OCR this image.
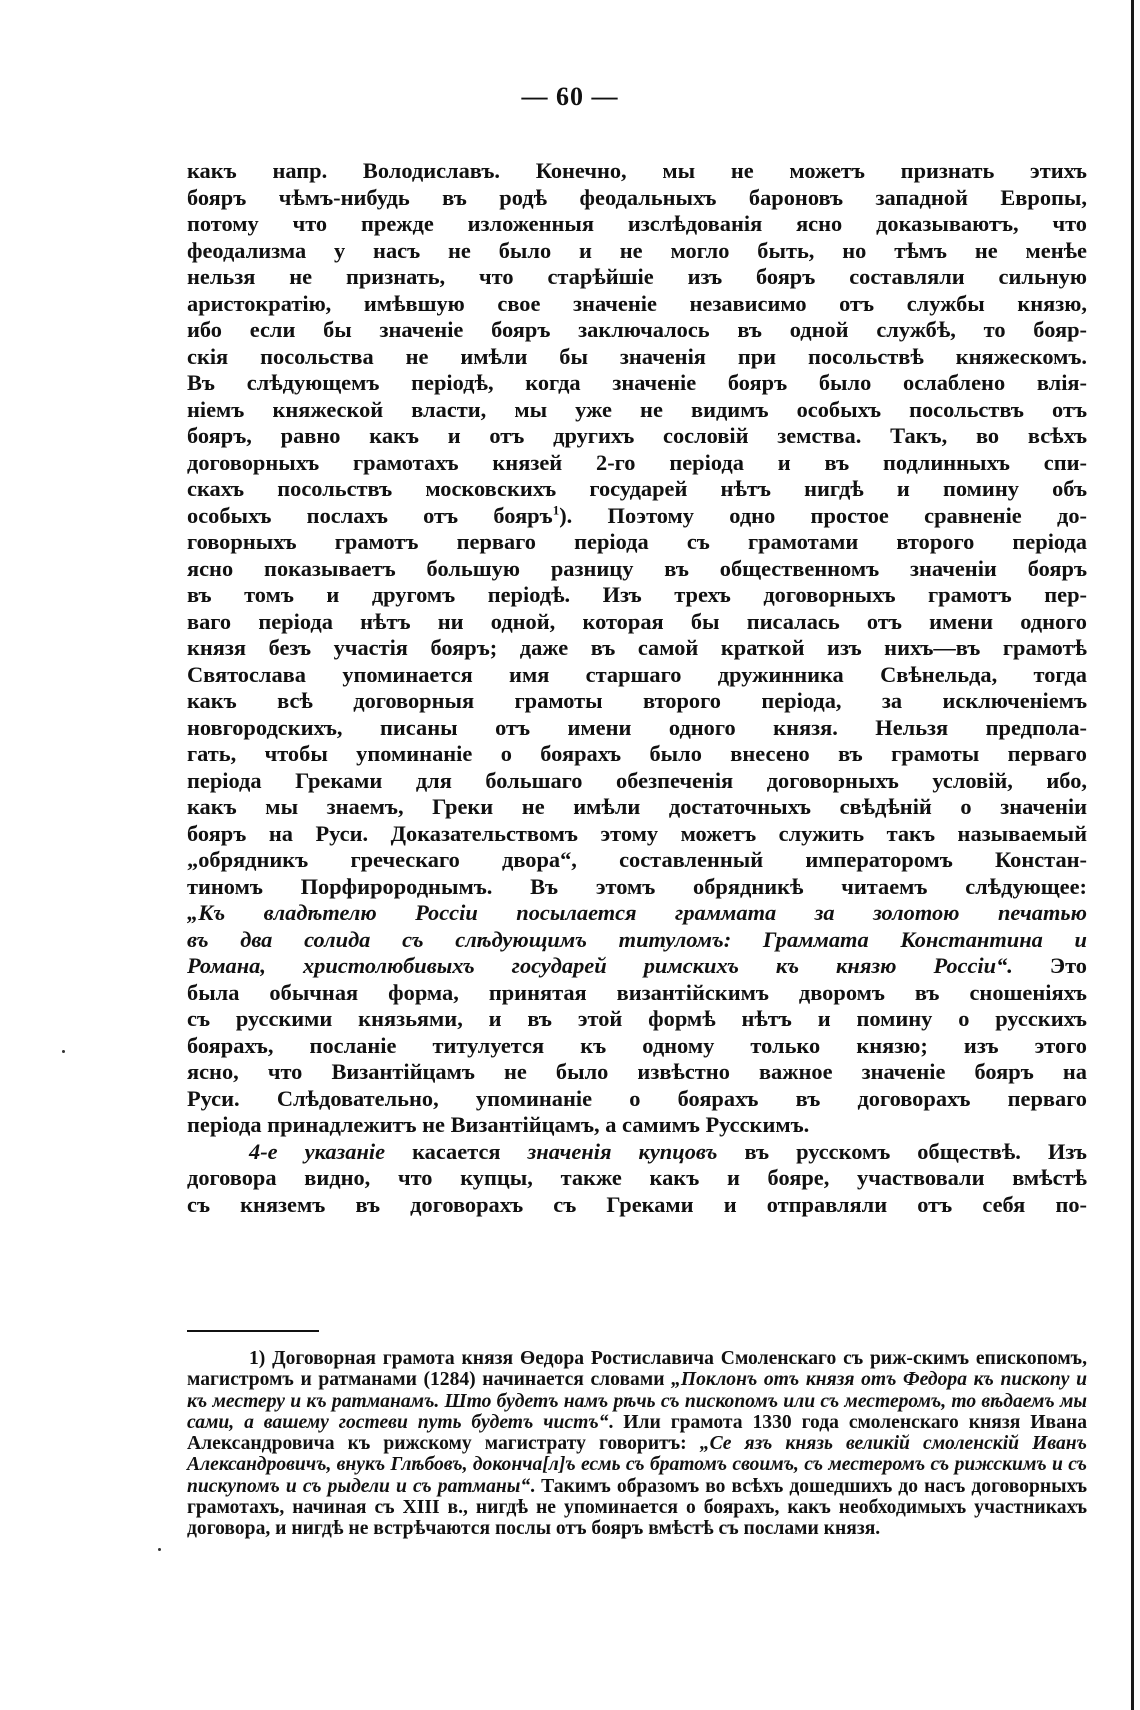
— 60 —

какъ напр. Володиславъ. Конечно, мы не можетъ признать этихъ
бояръ чѣмъ-нибудь въ родѣ феодальныхъ бароновъ западной Европы,
потому что прежде изложенныя изслѣдованія ясно доказываютъ, что
феодализма у насъ не было и не могло быть, но тѣмъ не менѣе
нельзя не признать, что старѣйшіе изъ бояръ составляли сильную
аристократію, имѣвшую свое значеніе независимо отъ службы князю,
ибо если бы значеніе бояръ заключалось въ одной службѣ, то бояр-
скія посольства не имѣли бы значенія при посольствѣ княжескомъ.
Въ слѣдующемъ періодѣ, когда значеніе бояръ было ослаблено влія-
ніемъ княжеской власти, мы уже не видимъ особыхъ посольствъ отъ
бояръ, равно какъ и отъ другихъ сословій земства. Такъ, во всѣхъ
договорныхъ грамотахъ князей 2-го періода и въ подлинныхъ спи-
скахъ посольствъ московскихъ государей нѣтъ нигдѣ и помину объ
особыхъ послахъ отъ бояръ$^1$). Поэтому одно простое сравненіе до-
говорныхъ грамотъ перваго періода съ грамотами второго періода
ясно показываетъ большую разницу въ общественномъ значеніи бояръ
въ томъ и другомъ періодѣ. Изъ трехъ договорныхъ грамотъ пер-
ваго періода нѣтъ ни одной, которая бы писалась отъ имени одного
князя безъ участія бояръ; даже въ самой краткой изъ нихъ—въ грамотѣ
Святослава упоминается имя старшаго дружинника Свѣнельда, тогда
какъ всѣ договорныя грамоты второго періода, за исключеніемъ
новгородскихъ, писаны отъ имени одного князя. Нельзя предпола-
гать, чтобы упоминаніе о боярахъ было внесено въ грамоты перваго
періода Греками для большаго обезпеченія договорныхъ условій, ибо,
какъ мы знаемъ, Греки не имѣли достаточныхъ свѣдѣній о значеніи
бояръ на Руси. Доказательствомъ этому можетъ служить такъ называемый
„обрядникъ греческаго двора“, составленный императоромъ Констан-
тиномъ Порфиророднымъ. Въ этомъ обрядникѣ читаемъ слѣдующее:
„Къ владѣтелю Россіи посылается граммата за золотою печатью
въ два солида съ слѣдующимъ титуломъ: Граммата Константина и
Романа, христолюбивыхъ государей римскихъ къ князю Россіи“. Это
была обычная форма, принятая византійскимъ дворомъ въ сношеніяхъ
съ русскими князьями, и въ этой формѣ нѣтъ и помину о русскихъ
боярахъ, посланіе титулуется къ одному только князю; изъ этого
ясно, что Византійцамъ не было извѣстно важное значеніе бояръ на
Руси. Слѣдовательно, упоминаніе о боярахъ въ договорахъ перваго
періода принадлежитъ не Византійцамъ, а самимъ Русскимъ.

4-е указаніе касается значенія купцовъ въ русскомъ обществѣ. Изъ
договора видно, что купцы, также какъ и бояре, участвовали вмѣстѣ
съ княземъ въ договорахъ съ Греками и отправляли отъ себя по-

1) Договорная грамота князя Өедора Ростиславича Смоленскаго съ риж-скимъ епископомъ, магистромъ и ратманами (1284) начинается словами „Поклонъ отъ князя отъ Федора къ пископу и къ местеру и къ ратманамъ. Што будетъ намъ рѣчь съ пископомъ или съ местеромъ, то вѣдаемъ мы сами, а вашему гостеви путь будетъ чистъ“. Или грамота 1330 года смоленскаго князя Ивана Александровича къ рижскому магистрату говоритъ: „Се язъ князь великій смоленскій Иванъ Александровичъ, внукъ Глѣбовъ, доконча[л]ъ есмь съ братомъ своимъ, съ местеромъ съ рижскимъ и съ пискупомъ и съ рыдели и съ ратманы“. Такимъ образомъ во всѣхъ дошедшихъ до насъ договорныхъ грамотахъ, начиная съ XIII в., нигдѣ не упоминается о боярахъ, какъ необходимыхъ участникахъ договора, и нигдѣ не встрѣчаются послы отъ бояръ вмѣстѣ съ послами князя.
